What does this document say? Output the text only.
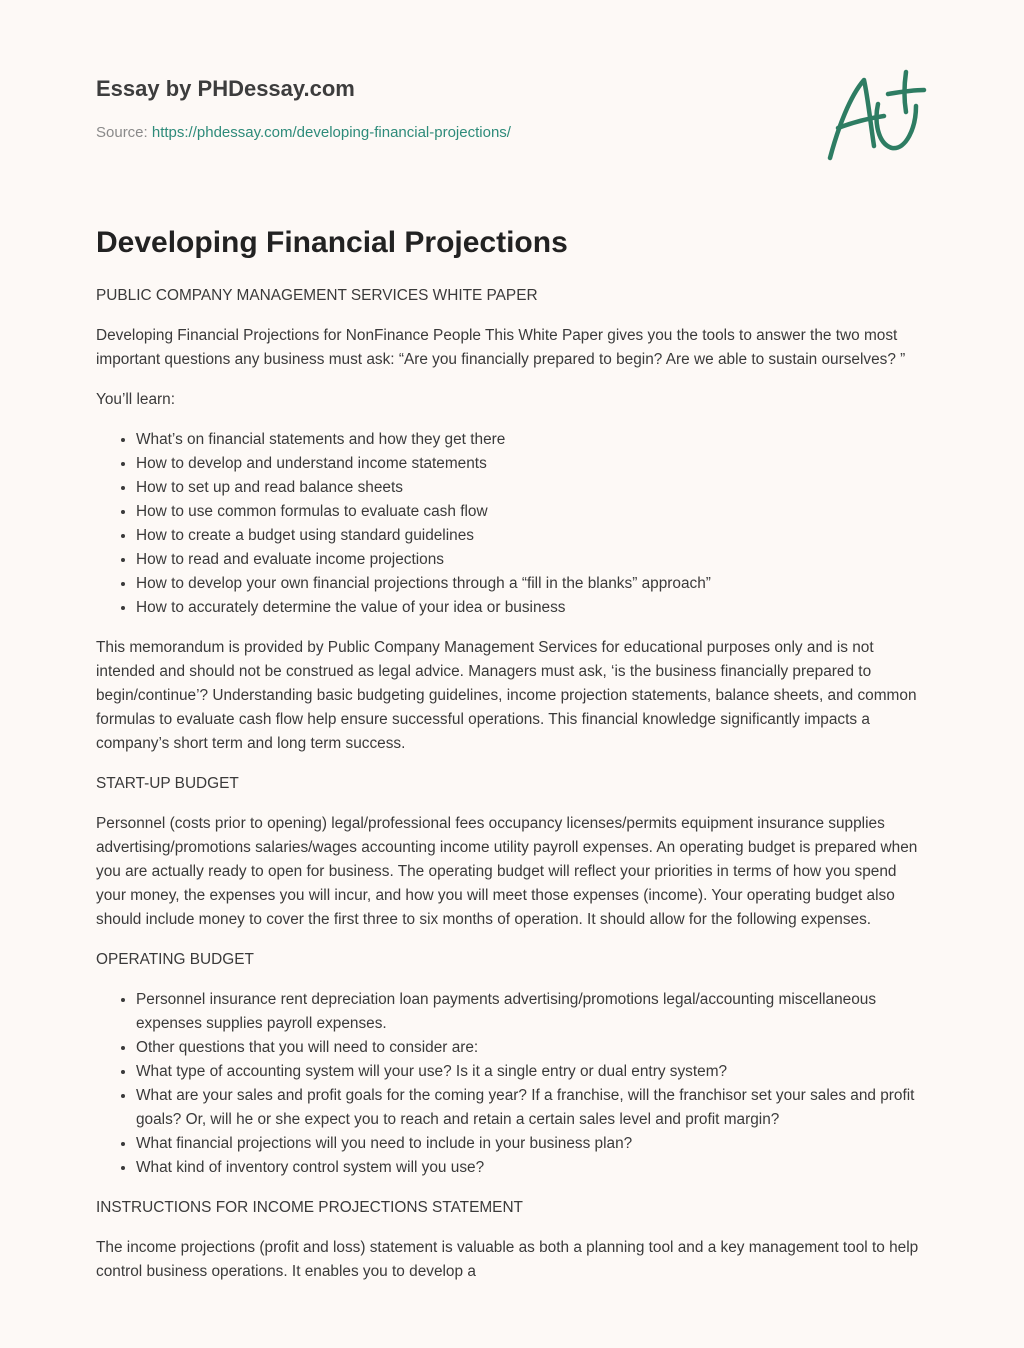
Essay by PHDessay.com

Source: https://phdessay.com/developing-financial-projections/

Developing Financial Projections

PUBLIC COMPANY MANAGEMENT SERVICES WHITE PAPER

Developing Financial Projections for NonFinance People This White Paper gives you the tools to answer the two most important questions any business must ask: “Are you financially prepared to begin? Are we able to sustain ourselves? ”

You’ll learn:

• What’s on financial statements and how they get there
• How to develop and understand income statements
• How to set up and read balance sheets
• How to use common formulas to evaluate cash flow
• How to create a budget using standard guidelines
• How to read and evaluate income projections
• How to develop your own financial projections through a “fill in the blanks” approach”
• How to accurately determine the value of your idea or business

This memorandum is provided by Public Company Management Services for educational purposes only and is not intended and should not be construed as legal advice. Managers must ask, ‘is the business financially prepared to begin/continue’? Understanding basic budgeting guidelines, income projection statements, balance sheets, and common formulas to evaluate cash flow help ensure successful operations. This financial knowledge significantly impacts a company’s short term and long term success.

START-UP BUDGET

Personnel (costs prior to opening) legal/professional fees occupancy licenses/permits equipment insurance supplies advertising/promotions salaries/wages accounting income utility payroll expenses. An operating budget is prepared when you are actually ready to open for business. The operating budget will reflect your priorities in terms of how you spend your money, the expenses you will incur, and how you will meet those expenses (income). Your operating budget also should include money to cover the first three to six months of operation. It should allow for the following expenses.

OPERATING BUDGET
• Personnel insurance rent depreciation loan payments advertising/promotions legal/accounting miscellaneous expenses supplies payroll expenses.
• Other questions that you will need to consider are:
• What type of accounting system will your use? Is it a single entry or dual entry system?
• What are your sales and profit goals for the coming year? If a franchise, will the franchisor set your sales and profit goals? Or, will he or she expect you to reach and retain a certain sales level and profit margin?
• What financial projections will you need to include in your business plan?
• What kind of inventory control system will you use?
INSTRUCTIONS FOR INCOME PROJECTIONS STATEMENT

The income projections (profit and loss) statement is valuable as both a planning tool and a key management tool to help control business operations. It enables you to develop a
